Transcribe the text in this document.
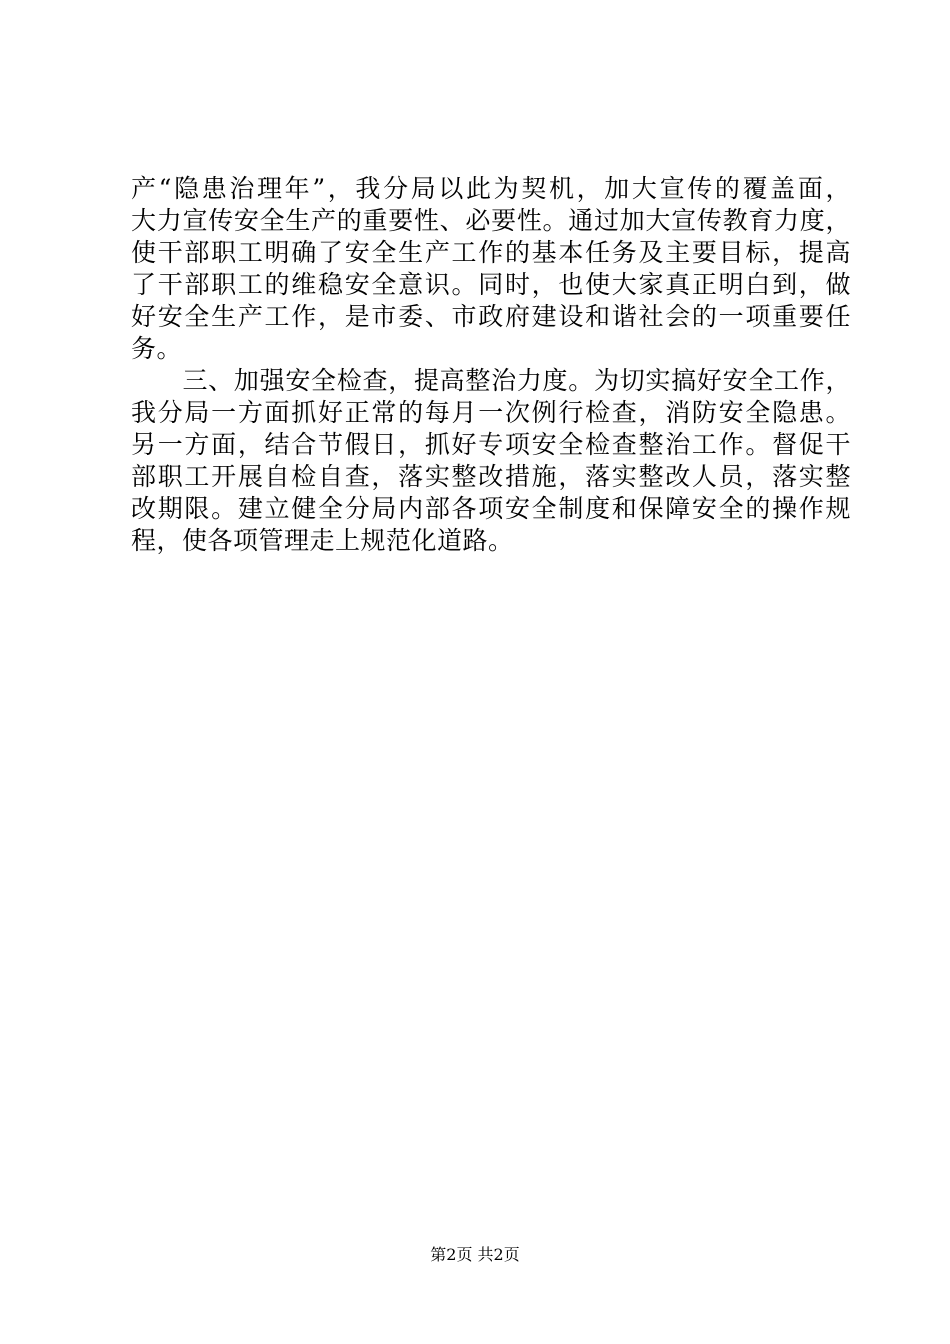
产“隐患治理年”，我分局以此为契机，加大宣传的覆盖面，
大力宣传安全生产的重要性、必要性。通过加大宣传教育力度，
使干部职工明确了安全生产工作的基本任务及主要目标，提高
了干部职工的维稳安全意识。同时，也使大家真正明白到，做
好安全生产工作，是市委、市政府建设和谐社会的一项重要任
务。
　　三、加强安全检查，提高整治力度。为切实搞好安全工作，
我分局一方面抓好正常的每月一次例行检查，消防安全隐患。
另一方面，结合节假日，抓好专项安全检查整治工作。督促干
部职工开展自检自查，落实整改措施，落实整改人员，落实整
改期限。建立健全分局内部各项安全制度和保障安全的操作规
程，使各项管理走上规范化道路。
第2页 共2页
